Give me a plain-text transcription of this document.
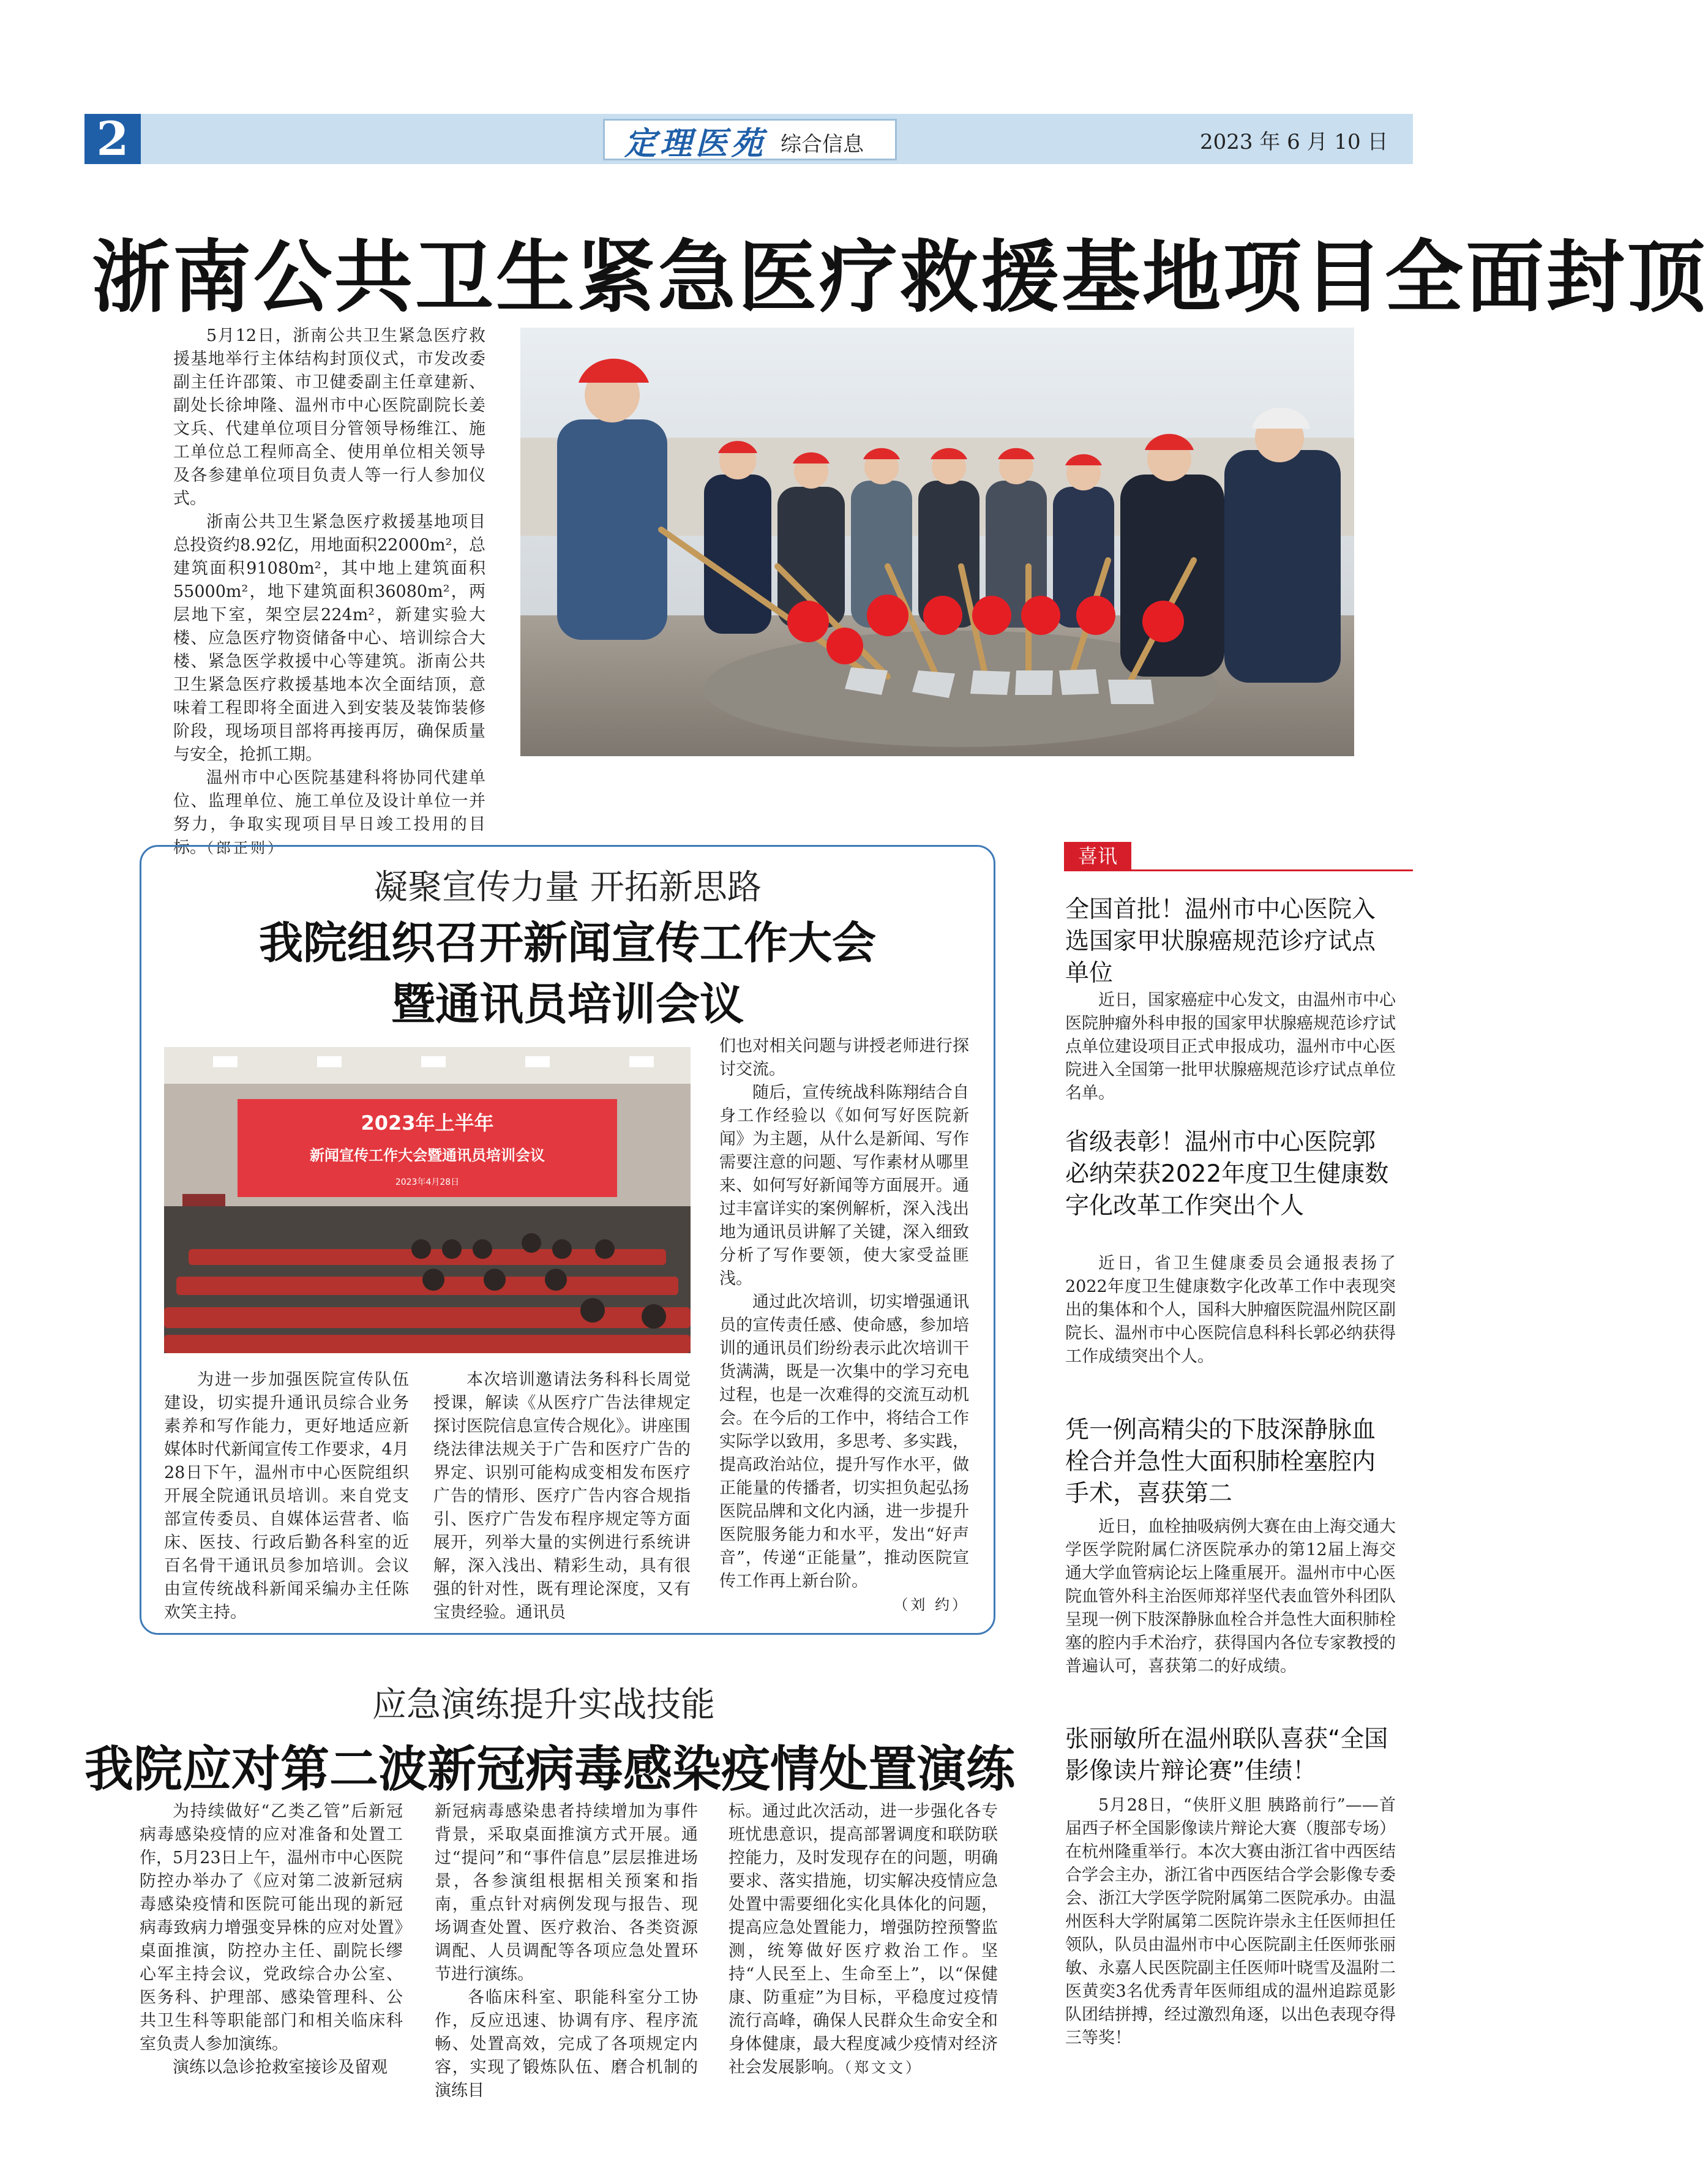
2	定理医苑 综合信息	2023 年 6 月 10 日
浙南公共卫生紧急医疗救援基地项目全面封顶

5月12日，浙南公共卫生紧急医疗救援基地举行主体结构封顶仪式，市发改委副主任许邵策、市卫健委副主任章建新、副处长徐坤隆、温州市中心医院副院长姜文兵、代建单位项目分管领导杨维江、施工单位总工程师高全、使用单位相关领导及各参建单位项目负责人等一行人参加仪式。

浙南公共卫生紧急医疗救援基地项目总投资约8.92亿，用地面积22000m²，总建筑面积91080m²，其中地上建筑面积55000m²，地下建筑面积36080m²，两层地下室，架空层224m²，新建实验大楼、应急医疗物资储备中心、培训综合大楼、紧急医学救援中心等建筑。浙南公共卫生紧急医疗救援基地本次全面结顶，意味着工程即将全面进入到安装及装饰装修阶段，现场项目部将再接再厉，确保质量与安全，抢抓工期。

温州市中心医院基建科将协同代建单位、监理单位、施工单位及设计单位一并努力，争取实现项目早日竣工投用的目标。（郎正则）

凝聚宣传力量 开拓新思路
我院组织召开新闻宣传工作大会
暨通讯员培训会议
2023年上半年
新闻宣传工作大会暨通讯员培训会议
2023年4月28日

为进一步加强医院宣传队伍建设，切实提升通讯员综合业务素养和写作能力，更好地适应新媒体时代新闻宣传工作要求，4月28日下午，温州市中心医院组织开展全院通讯员培训。来自党支部宣传委员、自媒体运营者、临床、医技、行政后勤各科室的近百名骨干通讯员参加培训。会议由宣传统战科新闻采编办主任陈欢笑主持。

本次培训邀请法务科科长周觉授课，解读《从医疗广告法律规定探讨医院信息宣传合规化》。讲座围绕法律法规关于广告和医疗广告的界定、识别可能构成变相发布医疗广告的情形、医疗广告内容合规指引、医疗广告发布程序规定等方面展开，列举大量的实例进行系统讲解，深入浅出、精彩生动，具有很强的针对性，既有理论深度，又有宝贵经验。通讯员

们也对相关问题与讲授老师进行探讨交流。

随后，宣传统战科陈翔结合自身工作经验以《如何写好医院新闻》为主题，从什么是新闻、写作需要注意的问题、写作素材从哪里来、如何写好新闻等方面展开。通过丰富详实的案例解析，深入浅出地为通讯员讲解了关键，深入细致分析了写作要领，使大家受益匪浅。

通过此次培训，切实增强通讯员的宣传责任感、使命感，参加培训的通讯员们纷纷表示此次培训干货满满，既是一次集中的学习充电过程，也是一次难得的交流互动机会。在今后的工作中，将结合工作实际学以致用，多思考、多实践，提高政治站位，提升写作水平，做正能量的传播者，切实担负起弘扬医院品牌和文化内涵，进一步提升医院服务能力和水平，发出“好声音”，传递“正能量”，推动医院宣传工作再上新台阶。

（刘 约）
应急演练提升实战技能
我院应对第二波新冠病毒感染疫情处置演练

为持续做好“乙类乙管”后新冠病毒感染疫情的应对准备和处置工作，5月23日上午，温州市中心医院防控办举办了《应对第二波新冠病毒感染疫情和医院可能出现的新冠病毒致病力增强变异株的应对处置》桌面推演，防控办主任、副院长缪心军主持会议，党政综合办公室、医务科、护理部、感染管理科、公共卫生科等职能部门和相关临床科室负责人参加演练。

演练以急诊抢救室接诊及留观

新冠病毒感染患者持续增加为事件背景，采取桌面推演方式开展。通过“提问”和“事件信息”层层推进场景，各参演组根据相关预案和指南，重点针对病例发现与报告、现场调查处置、医疗救治、各类资源调配、人员调配等各项应急处置环节进行演练。

各临床科室、职能科室分工协作，反应迅速、协调有序、程序流畅、处置高效，完成了各项规定内容，实现了锻炼队伍、磨合机制的演练目

标。通过此次活动，进一步强化各专班忧患意识，提高部署调度和联防联控能力，及时发现存在的问题，明确要求、落实措施，切实解决疫情应急处置中需要细化实化具体化的问题，提高应急处置能力，增强防控预警监测，统筹做好医疗救治工作。坚持“人民至上、生命至上”，以“保健康、防重症”为目标，平稳度过疫情流行高峰，确保人民群众生命安全和身体健康，最大程度减少疫情对经济社会发展影响。（郑文文）

喜讯
全国首批！温州市中心医院入选国家甲状腺癌规范诊疗试点单位

近日，国家癌症中心发文，由温州市中心医院肿瘤外科申报的国家甲状腺癌规范诊疗试点单位建设项目正式申报成功，温州市中心医院进入全国第一批甲状腺癌规范诊疗试点单位名单。

省级表彰！温州市中心医院郭必纳荣获2022年度卫生健康数字化改革工作突出个人

近日，省卫生健康委员会通报表扬了2022年度卫生健康数字化改革工作中表现突出的集体和个人，国科大肿瘤医院温州院区副院长、温州市中心医院信息科科长郭必纳获得工作成绩突出个人。

凭一例高精尖的下肢深静脉血栓合并急性大面积肺栓塞腔内手术，喜获第二

近日，血栓抽吸病例大赛在由上海交通大学医学院附属仁济医院承办的第12届上海交通大学血管病论坛上隆重展开。温州市中心医院血管外科主治医师郑祥坚代表血管外科团队呈现一例下肢深静脉血栓合并急性大面积肺栓塞的腔内手术治疗，获得国内各位专家教授的普遍认可，喜获第二的好成绩。

张丽敏所在温州联队喜获“全国影像读片辩论赛”佳绩！

5月28日，“侠肝义胆 胰路前行”——首届西子杯全国影像读片辩论大赛（腹部专场）在杭州隆重举行。本次大赛由浙江省中西医结合学会主办，浙江省中西医结合学会影像专委会、浙江大学医学院附属第二医院承办。由温州医科大学附属第二医院许崇永主任医师担任领队，队员由温州市中心医院副主任医师张丽敏、永嘉人民医院副主任医师叶晓雪及温附二医黄奕3名优秀青年医师组成的温州追踪觅影队团结拼搏，经过激烈角逐，以出色表现夺得三等奖！
